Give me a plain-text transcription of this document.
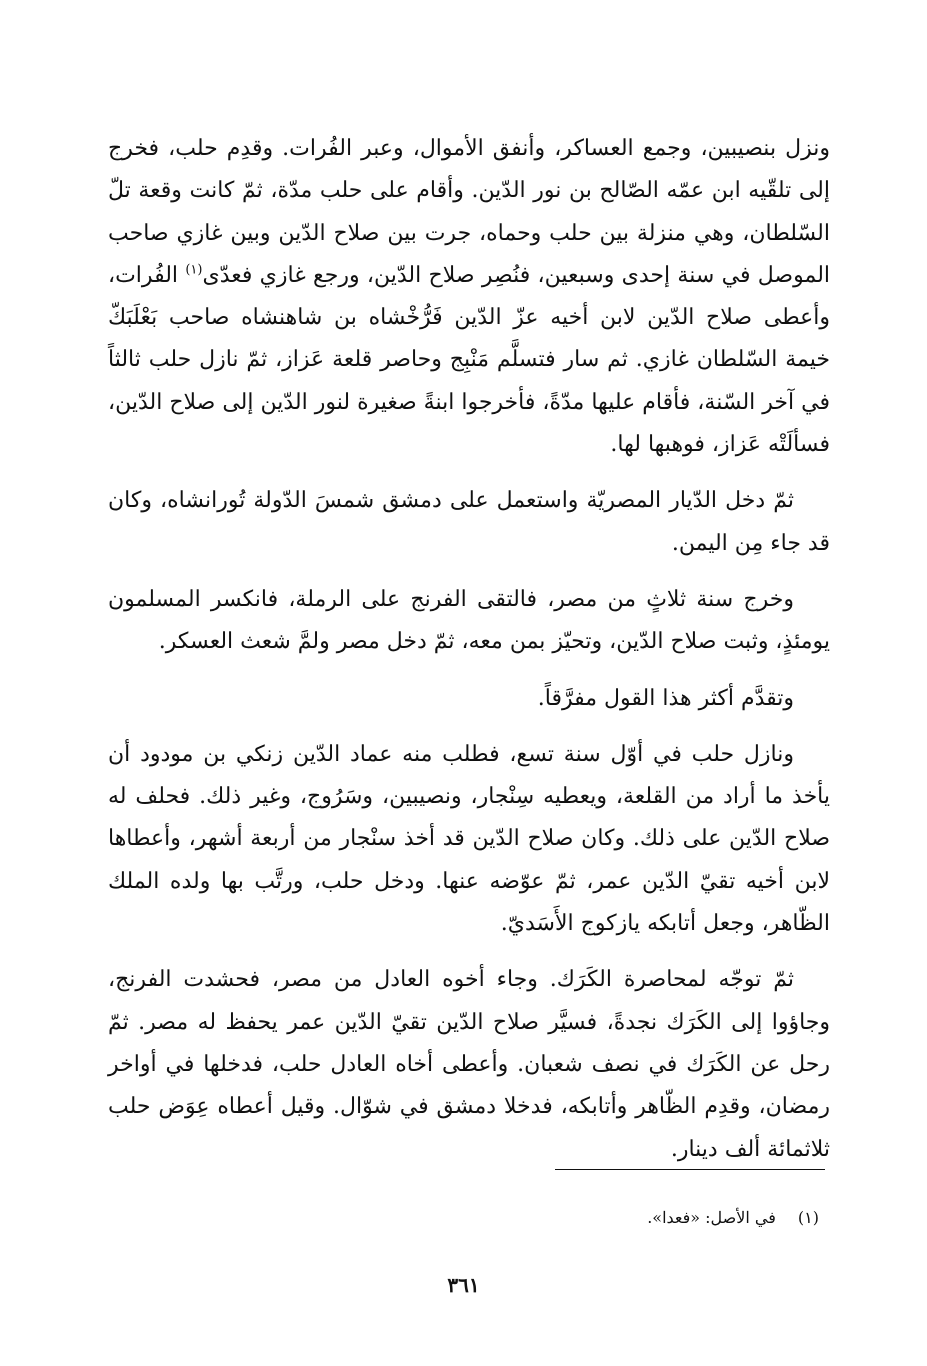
ونزل بنصيبين، وجمع العساكر، وأنفق الأموال، وعبر الفُرات. وقدِم حلب، فخرج إلى تلقّيه ابن عمّه الصّالح بن نور الدّين. وأقام على حلب مدّة، ثمّ كانت وقعة تلّ السّلطان، وهي منزلة بين حلب وحماه، جرت بين صلاح الدّين وبين غازي صاحب الموصل في سنة إحدى وسبعين، فنُصِر صلاح الدّين، ورجع غازي فعدّى$^{(١)}$ الفُرات، وأعطى صلاح الدّين لابن أخيه عزّ الدّين فَرُّخْشاه بن شاهنشاه صاحب بَعْلَبَكّ خيمة السّلطان غازي. ثم سار فتسلَّم مَنْبِج وحاصر قلعة عَزاز، ثمّ نازل حلب ثالثاً في آخر السّنة، فأقام عليها مدّةً، فأخرجوا ابنةً صغيرة لنور الدّين إلى صلاح الدّين، فسألَتْه عَزاز، فوهبها لها.

ثمّ دخل الدّيار المصريّة واستعمل على دمشق شمسَ الدّولة تُورانشاه، وكان قد جاء مِن اليمن.

وخرج سنة ثلاثٍ من مصر، فالتقى الفرنج على الرملة، فانكسر المسلمون يومئذٍ، وثبت صلاح الدّين، وتحيّز بمن معه، ثمّ دخل مصر ولمَّ شعث العسكر.

وتقدَّم أكثر هذا القول مفرَّقاً.

ونازل حلب في أوّل سنة تسع، فطلب منه عماد الدّين زنكي بن مودود أن يأخذ ما أراد من القلعة، ويعطيه سِنْجار، ونصيبين، وسَرُوج، وغير ذلك. فحلف له صلاح الدّين على ذلك. وكان صلاح الدّين قد أخذ سنْجار من أربعة أشهر، وأعطاها لابن أخيه تقيّ الدّين عمر، ثمّ عوّضه عنها. ودخل حلب، ورتَّب بها ولده الملك الظّاهر، وجعل أتابكه يازكوج الأَسَديّ.

ثمّ توجّه لمحاصرة الكَرَك. وجاء أخوه العادل من مصر، فحشدت الفرنج، وجاؤوا إلى الكَرَك نجدةً، فسيَّر صلاح الدّين تقيّ الدّين عمر يحفظ له مصر. ثمّ رحل عن الكَرَك في نصف شعبان. وأعطى أخاه العادل حلب، فدخلها في أواخر رمضان، وقدِم الظّاهر وأتابكه، فدخلا دمشق في شوّال. وقيل أعطاه عِوَض حلب ثلاثمائة ألف دينار.

(١)في الأصل: «فعدا».
٣٦١
